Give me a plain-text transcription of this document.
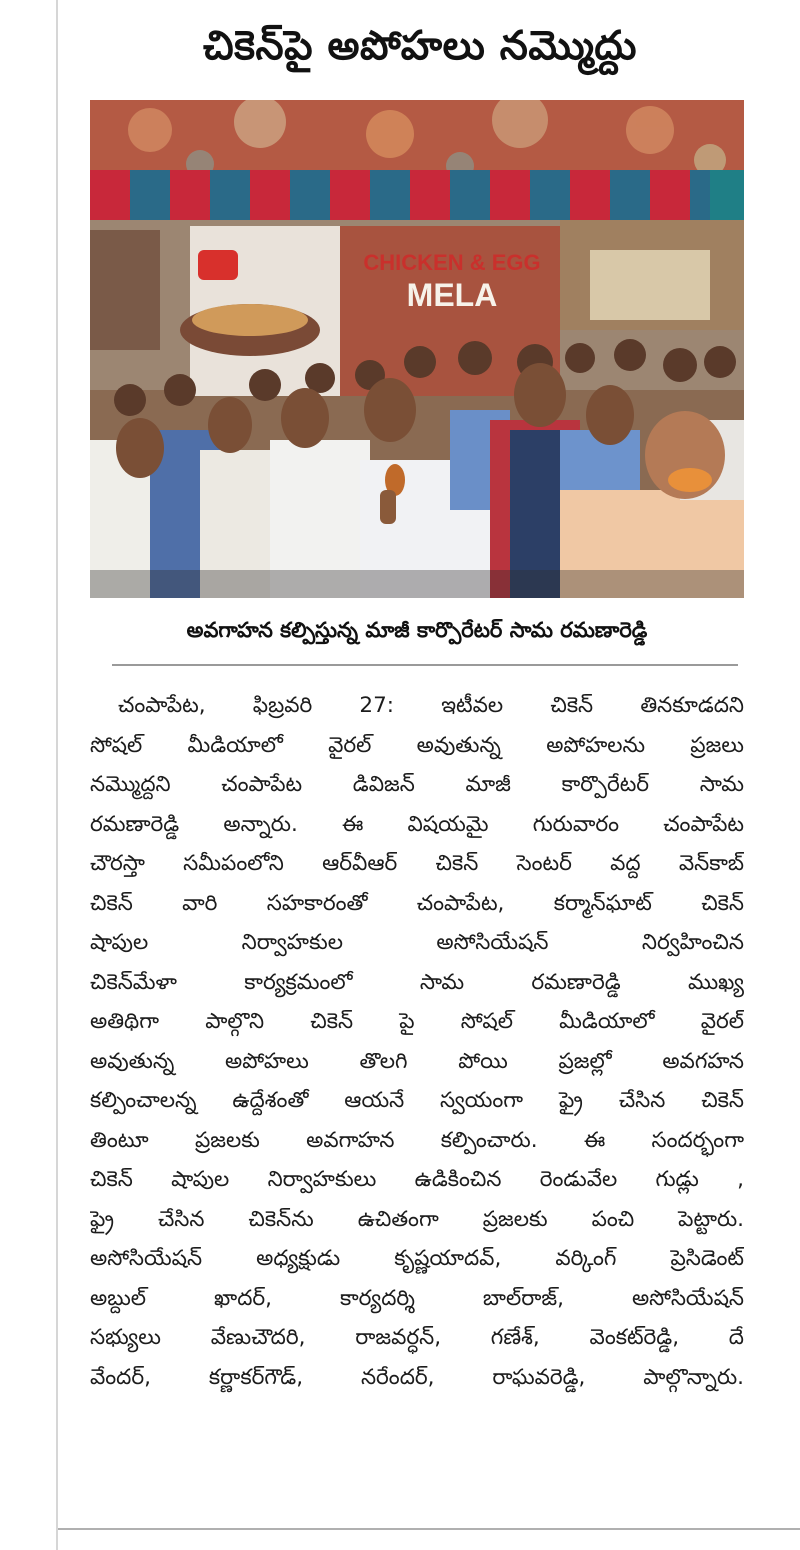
చికెన్‌పై అపోహలు నమ్మొద్దు
CHICKEN & EGG
MELA
అవగాహన కల్పిస్తున్న మాజీ కార్పొరేటర్ సామ రమణారెడ్డి
చంపాపేట, ఫిబ్రవరి 27: ఇటీవల చికెన్ తినకూడదని
సోషల్ మీడియాలో వైరల్ అవుతున్న అపోహలను ప్రజలు
నమ్మొద్దని చంపాపేట డివిజన్ మాజీ కార్పొరేటర్ సామ
రమణారెడ్డి అన్నారు. ఈ విషయమై గురువారం చంపాపేట
చౌరస్తా సమీపంలోని ఆర్‌వీఆర్ చికెన్ సెంటర్ వద్ద వెన్‌కాబ్
చికెన్ వారి సహకారంతో చంపాపేట, కర్మాన్‌ఘాట్ చికెన్
షాపుల నిర్వాహకుల అసోసియేషన్ నిర్వహించిన
చికెన్‌మేళా కార్యక్రమంలో సామ రమణారెడ్డి ముఖ్య
అతిథిగా పాల్గొని చికెన్ పై సోషల్ మీడియాలో వైరల్
అవుతున్న అపోహలు తొలగి పోయి ప్రజల్లో అవగహన
కల్పించాలన్న ఉద్దేశంతో ఆయనే స్వయంగా ఫ్రై చేసిన చికెన్
తింటూ ప్రజలకు అవగాహన కల్పించారు. ఈ సందర్భంగా
చికెన్ షాపుల నిర్వాహకులు ఉడికించిన రెండువేల గుడ్లు ,
ఫ్రై చేసిన చికెన్‌ను ఉచితంగా ప్రజలకు పంచి పెట్టారు.
అసోసియేషన్ అధ్యక్షుడు కృష్ణయాదవ్, వర్కింగ్ ప్రెసిడెంట్
అబ్దుల్ ఖాదర్, కార్యదర్శి బాల్‌రాజ్, అసోసియేషన్
సభ్యులు వేణుచౌదరి, రాజవర్ధన్, గణేశ్, వెంకట్‌రెడ్డి, దే
వేందర్, కర్ణాకర్‌గౌడ్, నరేందర్, రాఘవరెడ్డి, పాల్గొన్నారు.
